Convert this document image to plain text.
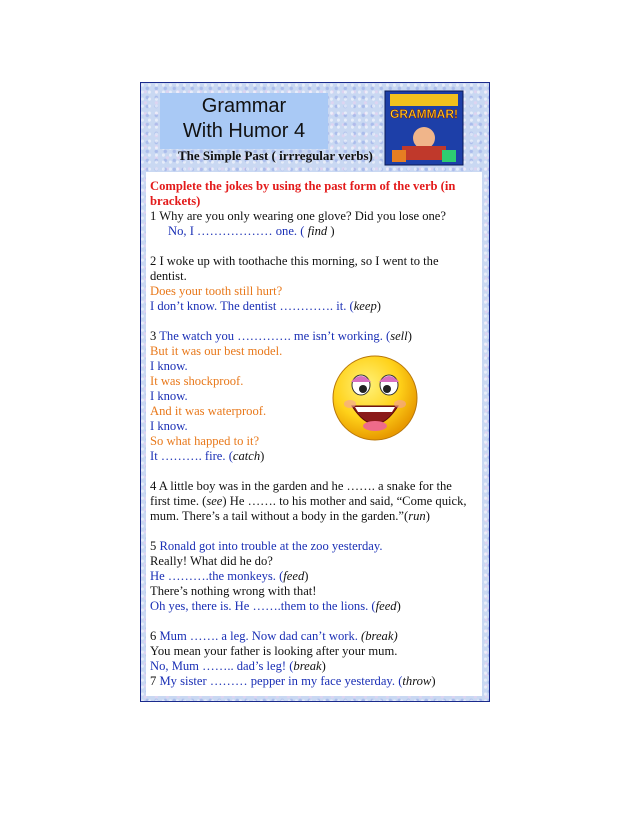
Grammar
With Humor 4
GRAMMAR!
The Simple Past ( irrregular verbs)
Complete the jokes by using the past form of the verb (in
brackets)
1 Why are you only wearing one glove? Did you lose one?
No, I ……………… one. ( find )
2 I woke up with toothache this morning, so I went to the
dentist.
Does your tooth still hurt?
I don’t know. The dentist …………. it. (keep)
3 The watch you …………. me isn’t working. (sell)
But it was our best model.
I know.
It was shockproof.
I know.
And it was waterproof.
I know.
So what happed to it?
It ………. fire. (catch)
4 A little boy was in the garden and he ……. a snake for the
first time. (see) He ……. to his mother and said, “Come quick,
mum. There’s a tail without a body in the garden.”(run)
5 Ronald got into trouble at the zoo yesterday.
Really! What did he do?
He ……….the monkeys. (feed)
There’s nothing wrong with that!
Oh yes, there is. He …….them to the lions. (feed)
6 Mum ……. a leg. Now dad can’t work. (break)
You mean your father is looking after your mum.
No, Mum …….. dad’s leg! (break)
7 My sister ……… pepper in my face yesterday. (throw)
